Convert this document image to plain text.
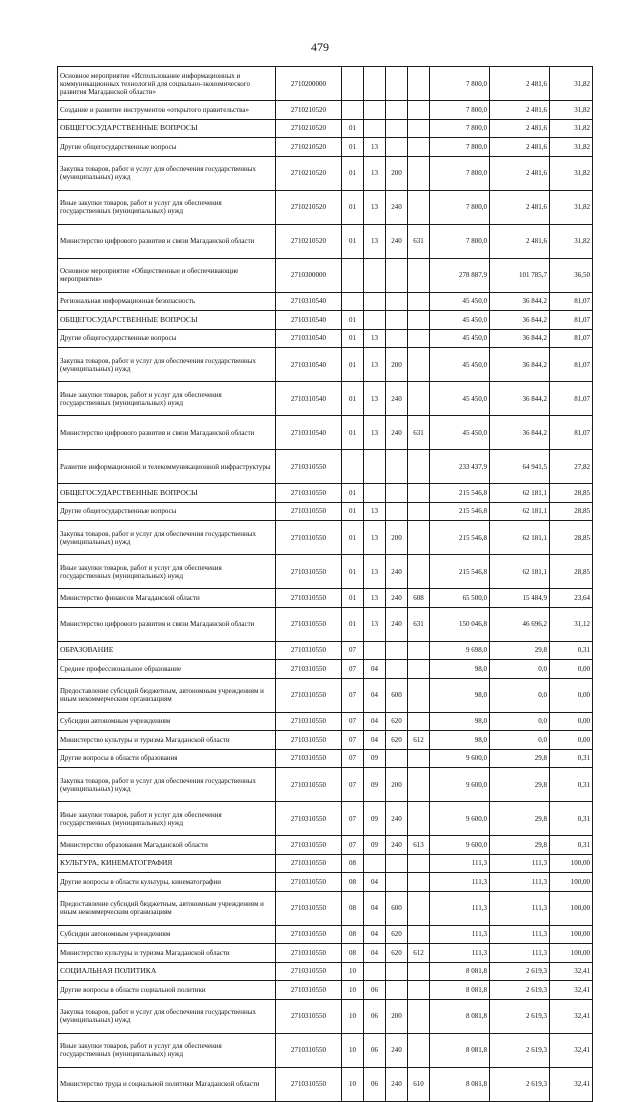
479
Основное мероприятие «Использование информационных и коммуникационных технологий для социально-экономического развития Магаданской области»	2710200000					7 800,0	2 481,6	31,82
Создание и развитие инструментов «открытого правительства»	2710210520					7 800,0	2 481,6	31,82
ОБЩЕГОСУДАРСТВЕННЫЕ ВОПРОСЫ	2710210520	01				7 800,0	2 481,6	31,82
Другие общегосударственные вопросы	2710210520	01	13			7 800,0	2 481,6	31,82
Закупка товаров, работ и услуг для обеспечения государственных (муниципальных) нужд	2710210520	01	13	200		7 800,0	2 481,6	31,82
Иные закупки товаров, работ и услуг для обеспечения государственных (муниципальных) нужд	2710210520	01	13	240		7 800,0	2 481,6	31,82
Министерство цифрового развития и связи Магаданской области	2710210520	01	13	240	631	7 800,0	2 481,6	31,82
Основное мероприятие «Общественные и обеспечивающие мероприятия»	2710300000					278 887,9	101 785,7	36,50
Региональная информационная безопасность	2710310540					45 450,0	36 844,2	81,07
ОБЩЕГОСУДАРСТВЕННЫЕ ВОПРОСЫ	2710310540	01				45 450,0	36 844,2	81,07
Другие общегосударственные вопросы	2710310540	01	13			45 450,0	36 844,2	81,07
Закупка товаров, работ и услуг для обеспечения государственных (муниципальных) нужд	2710310540	01	13	200		45 450,0	36 844,2	81,07
Иные закупки товаров, работ и услуг для обеспечения государственных (муниципальных) нужд	2710310540	01	13	240		45 450,0	36 844,2	81,07
Министерство цифрового развития и связи Магаданской области	2710310540	01	13	240	631	45 450,0	36 844,2	81,07
Развитие информационной и телекоммуникационной инфраструктуры	2710310550					233 437,9	64 941,5	27,82
ОБЩЕГОСУДАРСТВЕННЫЕ ВОПРОСЫ	2710310550	01				215 546,8	62 181,1	28,85
Другие общегосударственные вопросы	2710310550	01	13			215 546,8	62 181,1	28,85
Закупка товаров, работ и услуг для обеспечения государственных (муниципальных) нужд	2710310550	01	13	200		215 546,8	62 181,1	28,85
Иные закупки товаров, работ и услуг для обеспечения государственных (муниципальных) нужд	2710310550	01	13	240		215 546,8	62 181,1	28,85
Министерство финансов Магаданской области	2710310550	01	13	240	608	65 500,0	15 484,9	23,64
Министерство цифрового развития и связи Магаданской области	2710310550	01	13	240	631	150 046,8	46 696,2	31,12
ОБРАЗОВАНИЕ	2710310550	07				9 698,0	29,8	0,31
Среднее профессиональное образование	2710310550	07	04			98,0	0,0	0,00
Предоставление субсидий бюджетным, автономным учреждениям и иным некоммерческим организациям	2710310550	07	04	600		98,0	0,0	0,00
Субсидии автономным учреждениям	2710310550	07	04	620		98,0	0,0	0,00
Министерство культуры и туризма Магаданской области	2710310550	07	04	620	612	98,0	0,0	0,00
Другие вопросы в области образования	2710310550	07	09			9 600,0	29,8	0,31
Закупка товаров, работ и услуг для обеспечения государственных (муниципальных) нужд	2710310550	07	09	200		9 600,0	29,8	0,31
Иные закупки товаров, работ и услуг для обеспечения государственных (муниципальных) нужд	2710310550	07	09	240		9 600,0	29,8	0,31
Министерство образования Магаданской области	2710310550	07	09	240	613	9 600,0	29,8	0,31
КУЛЬТУРА, КИНЕМАТОГРАФИЯ	2710310550	08				111,3	111,3	100,00
Другие вопросы в области культуры, кинематографии	2710310550	08	04			111,3	111,3	100,00
Предоставление субсидий бюджетным, автономным учреждениям и иным некоммерческим организациям	2710310550	08	04	600		111,3	111,3	100,00
Субсидии автономным учреждениям	2710310550	08	04	620		111,3	111,3	100,00
Министерство культуры и туризма Магаданской области	2710310550	08	04	620	612	111,3	111,3	100,00
СОЦИАЛЬНАЯ ПОЛИТИКА	2710310550	10				8 081,8	2 619,3	32,41
Другие вопросы в области социальной политики	2710310550	10	06			8 081,8	2 619,3	32,41
Закупка товаров, работ и услуг для обеспечения государственных (муниципальных) нужд	2710310550	10	06	200		8 081,8	2 619,3	32,41
Иные закупки товаров, работ и услуг для обеспечения государственных (муниципальных) нужд	2710310550	10	06	240		8 081,8	2 619,3	32,41
Министерство труда и социальной политики Магаданской области	2710310550	10	06	240	610	8 081,8	2 619,3	32,41
